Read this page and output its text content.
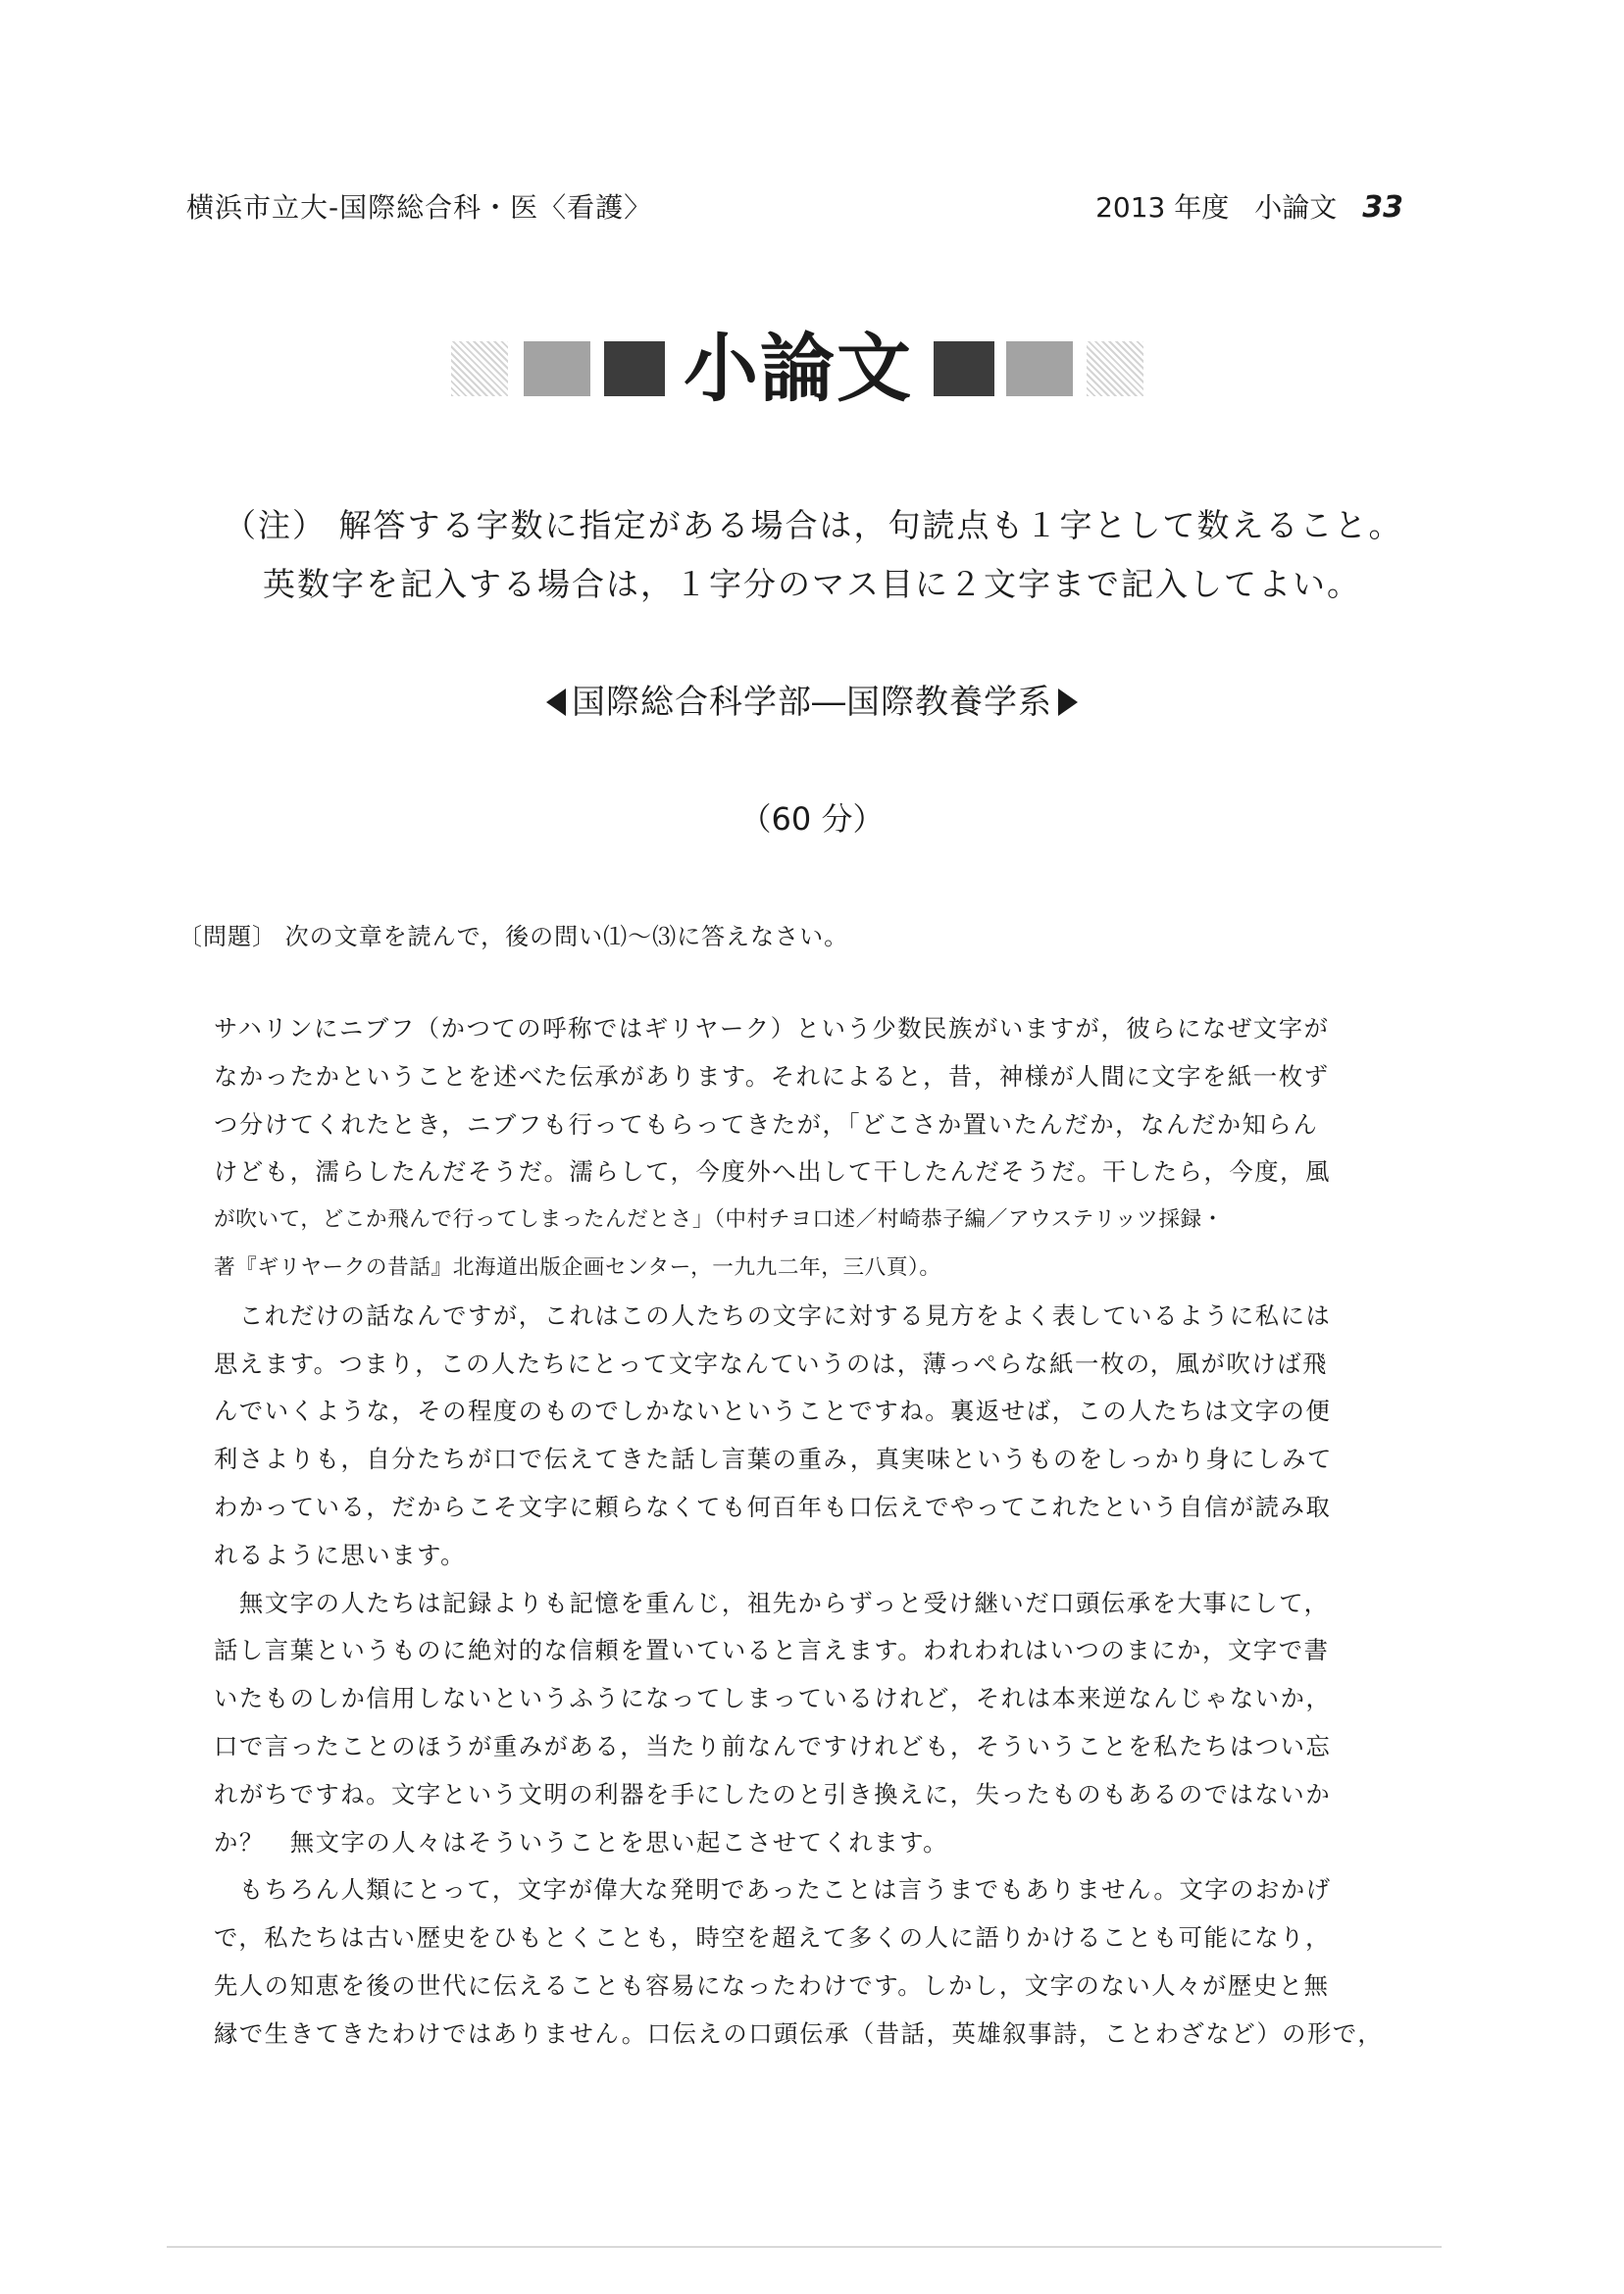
横浜市立大-国際総合科・医〈看護〉	2013 年度 小論文 33
小論文
（注） 解答する字数に指定がある場合は，句読点も１字として数えること。
英数字を記入する場合は，１字分のマス目に２文字まで記入してよい。
国際総合科学部―国際教養学系
（60 分）
〔問題〕 次の文章を読んで，後の問い⑴〜⑶に答えなさい。
サハリンにニブフ（かつての呼称ではギリヤーク）という少数民族がいますが，彼らになぜ文字が
なかったかということを述べた伝承があります。それによると，昔，神様が人間に文字を紙一枚ず
つ分けてくれたとき，ニブフも行ってもらってきたが，「どこさか置いたんだか，なんだか知らん
けども，濡らしたんだそうだ。濡らして，今度外へ出して干したんだそうだ。干したら，今度，風
が吹いて，どこか飛んで行ってしまったんだとさ」（中村チヨ口述／村崎恭子編／アウステリッツ採録・
著『ギリヤークの昔話』北海道出版企画センター，一九九二年，三八頁）。
　これだけの話なんですが，これはこの人たちの文字に対する見方をよく表しているように私には
思えます。つまり，この人たちにとって文字なんていうのは，薄っぺらな紙一枚の，風が吹けば飛
んでいくような，その程度のものでしかないということですね。裏返せば，この人たちは文字の便
利さよりも，自分たちが口で伝えてきた話し言葉の重み，真実味というものをしっかり身にしみて
わかっている，だからこそ文字に頼らなくても何百年も口伝えでやってこれたという自信が読み取
れるように思います。
　無文字の人たちは記録よりも記憶を重んじ，祖先からずっと受け継いだ口頭伝承を大事にして，
話し言葉というものに絶対的な信頼を置いていると言えます。われわれはいつのまにか，文字で書
いたものしか信用しないというふうになってしまっているけれど，それは本来逆なんじゃないか，
口で言ったことのほうが重みがある，当たり前なんですけれども，そういうことを私たちはつい忘
れがちですね。文字という文明の利器を手にしたのと引き換えに，失ったものもあるのではないか
か？　無文字の人々はそういうことを思い起こさせてくれます。
　もちろん人類にとって，文字が偉大な発明であったことは言うまでもありません。文字のおかげ
で，私たちは古い歴史をひもとくことも，時空を超えて多くの人に語りかけることも可能になり，
先人の知恵を後の世代に伝えることも容易になったわけです。しかし，文字のない人々が歴史と無
縁で生きてきたわけではありません。口伝えの口頭伝承（昔話，英雄叙事詩，ことわざなど）の形で，
